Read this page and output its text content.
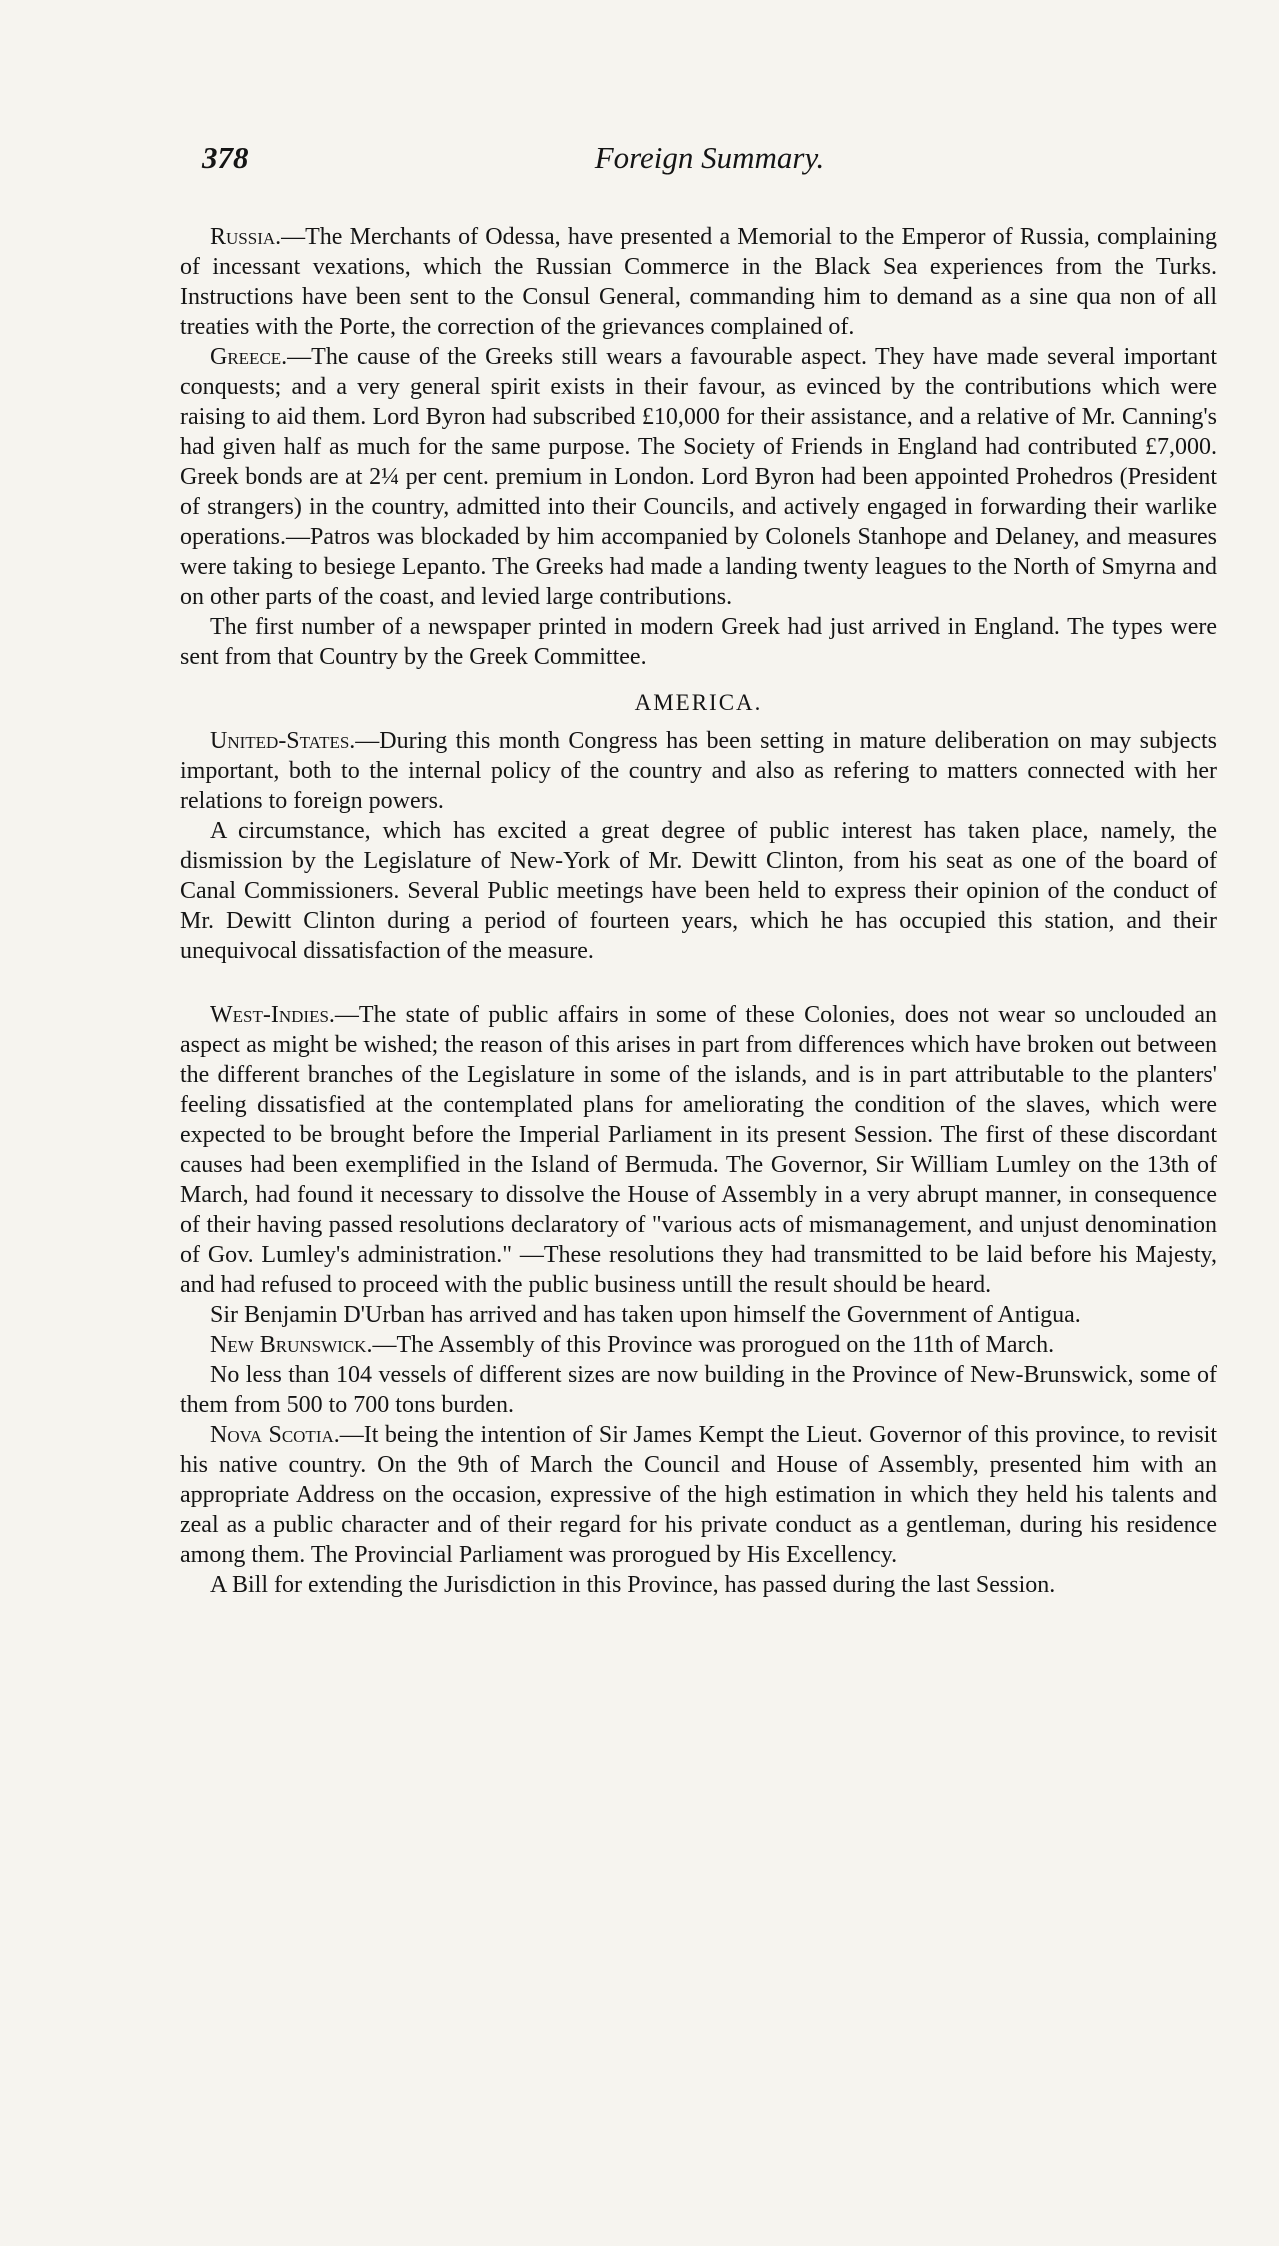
378	Foreign Summary.

Russia.—The Merchants of Odessa, have presented a Memorial to the Emperor of Russia, complaining of incessant vexations, which the Russian Commerce in the Black Sea experiences from the Turks. Instructions have been sent to the Consul General, commanding him to demand as a sine qua non of all treaties with the Porte, the correction of the grievances complained of.

Greece.—The cause of the Greeks still wears a favourable aspect. They have made several important conquests; and a very general spirit exists in their favour, as evinced by the contributions which were raising to aid them. Lord Byron had subscribed £10,000 for their assistance, and a relative of Mr. Canning's had given half as much for the same purpose. The Society of Friends in England had contributed £7,000. Greek bonds are at 2¼ per cent. premium in London. Lord Byron had been appointed Prohedros (President of strangers) in the country, admitted into their Councils, and actively engaged in forwarding their warlike operations.—Patros was blockaded by him accompanied by Colonels Stanhope and Delaney, and measures were taking to besiege Lepanto. The Greeks had made a landing twenty leagues to the North of Smyrna and on other parts of the coast, and levied large contributions.

The first number of a newspaper printed in modern Greek had just arrived in England. The types were sent from that Country by the Greek Committee.

AMERICA.

United-States.—During this month Congress has been setting in mature deliberation on may subjects important, both to the internal policy of the country and also as refering to matters connected with her relations to foreign powers.

A circumstance, which has excited a great degree of public interest has taken place, namely, the dismission by the Legislature of New-York of Mr. Dewitt Clinton, from his seat as one of the board of Canal Commissioners. Several Public meetings have been held to express their opinion of the conduct of Mr. Dewitt Clinton during a period of fourteen years, which he has occupied this station, and their unequivocal dissatisfaction of the measure.

West-Indies.—The state of public affairs in some of these Colonies, does not wear so unclouded an aspect as might be wished; the reason of this arises in part from differences which have broken out between the different branches of the Legislature in some of the islands, and is in part attributable to the planters' feeling dissatisfied at the contemplated plans for ameliorating the condition of the slaves, which were expected to be brought before the Imperial Parliament in its present Session. The first of these discordant causes had been exemplified in the Island of Bermuda. The Governor, Sir William Lumley on the 13th of March, had found it necessary to dissolve the House of Assembly in a very abrupt manner, in consequence of their having passed resolutions declaratory of "various acts of mismanagement, and unjust denomination of Gov. Lumley's administration." —These resolutions they had transmitted to be laid before his Majesty, and had refused to proceed with the public business untill the result should be heard.

Sir Benjamin D'Urban has arrived and has taken upon himself the Government of Antigua.

New Brunswick.—The Assembly of this Province was prorogued on the 11th of March.

No less than 104 vessels of different sizes are now building in the Province of New-Brunswick, some of them from 500 to 700 tons burden.

Nova Scotia.—It being the intention of Sir James Kempt the Lieut. Governor of this province, to revisit his native country. On the 9th of March the Council and House of Assembly, presented him with an appropriate Address on the occasion, expressive of the high estimation in which they held his talents and zeal as a public character and of their regard for his private conduct as a gentleman, during his residence among them. The Provincial Parliament was prorogued by His Excellency.

A Bill for extending the Jurisdiction in this Province, has passed during the last Session.
